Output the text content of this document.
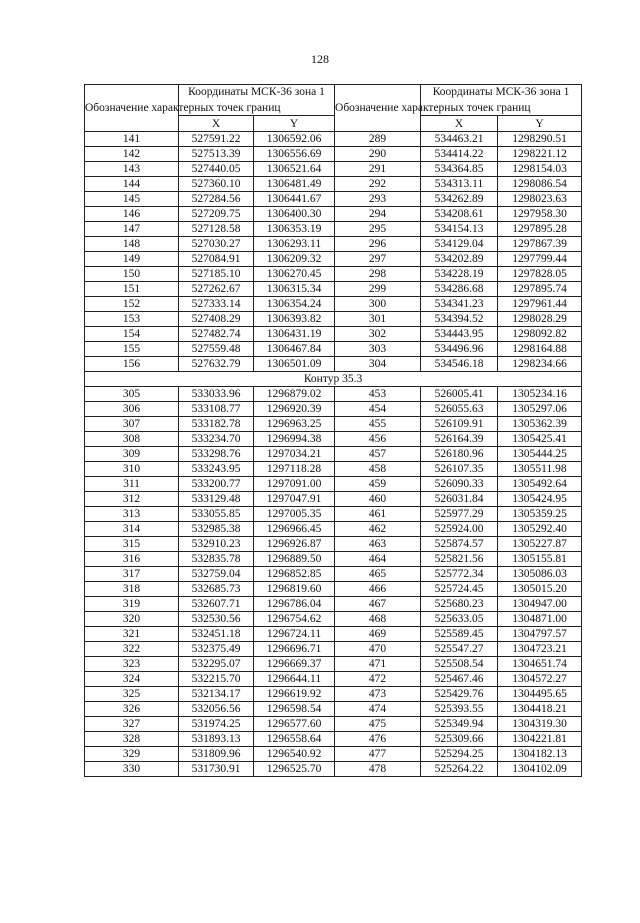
128
Обозначение характерных точек границ	Координаты МСК-36 зона 1		Обозначение характерных точек границ	Координаты МСК-36 зона 1	
	X	Y		X	Y
141	527591.22	1306592.06	289	534463.21	1298290.51
142	527513.39	1306556.69	290	534414.22	1298221.12
143	527440.05	1306521.64	291	534364.85	1298154.03
144	527360.10	1306481.49	292	534313.11	1298086.54
145	527284.56	1306441.67	293	534262.89	1298023.63
146	527209.75	1306400.30	294	534208.61	1297958.30
147	527128.58	1306353.19	295	534154.13	1297895.28
148	527030.27	1306293.11	296	534129.04	1297867.39
149	527084.91	1306209.32	297	534202.89	1297799.44
150	527185.10	1306270.45	298	534228.19	1297828.05
151	527262.67	1306315.34	299	534286.68	1297895.74
152	527333.14	1306354.24	300	534341.23	1297961.44
153	527408.29	1306393.82	301	534394.52	1298028.29
154	527482.74	1306431.19	302	534443.95	1298092.82
155	527559.48	1306467.84	303	534496.96	1298164.88
156	527632.79	1306501.09	304	534546.18	1298234.66
Контур 35.3					
305	533033.96	1296879.02	453	526005.41	1305234.16
306	533108.77	1296920.39	454	526055.63	1305297.06
307	533182.78	1296963.25	455	526109.91	1305362.39
308	533234.70	1296994.38	456	526164.39	1305425.41
309	533298.76	1297034.21	457	526180.96	1305444.25
310	533243.95	1297118.28	458	526107.35	1305511.98
311	533200.77	1297091.00	459	526090.33	1305492.64
312	533129.48	1297047.91	460	526031.84	1305424.95
313	533055.85	1297005.35	461	525977.29	1305359.25
314	532985.38	1296966.45	462	525924.00	1305292.40
315	532910.23	1296926.87	463	525874.57	1305227.87
316	532835.78	1296889.50	464	525821.56	1305155.81
317	532759.04	1296852.85	465	525772.34	1305086.03
318	532685.73	1296819.60	466	525724.45	1305015.20
319	532607.71	1296786.04	467	525680.23	1304947.00
320	532530.56	1296754.62	468	525633.05	1304871.00
321	532451.18	1296724.11	469	525589.45	1304797.57
322	532375.49	1296696.71	470	525547.27	1304723.21
323	532295.07	1296669.37	471	525508.54	1304651.74
324	532215.70	1296644.11	472	525467.46	1304572.27
325	532134.17	1296619.92	473	525429.76	1304495.65
326	532056.56	1296598.54	474	525393.55	1304418.21
327	531974.25	1296577.60	475	525349.94	1304319.30
328	531893.13	1296558.64	476	525309.66	1304221.81
329	531809.96	1296540.92	477	525294.25	1304182.13
330	531730.91	1296525.70	478	525264.22	1304102.09
